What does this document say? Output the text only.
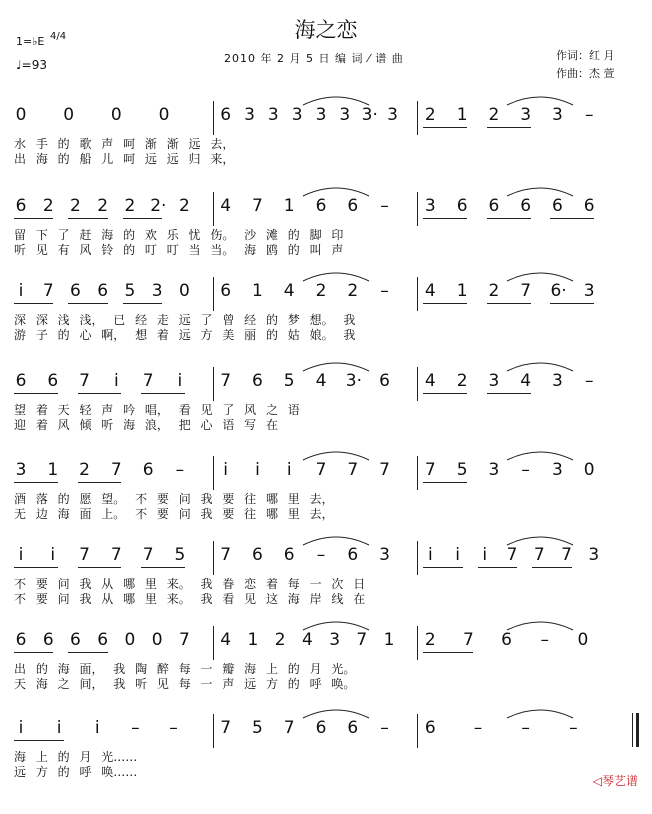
海之恋
1=♭E 4/4
♩=93	2010 年 2 月 5 日 编 词 ⁄ 谱 曲	作词：红 月
作曲：杰 萱
0 0 0 0	6 3 3 3 3 3 3· 3 2 1 2 3 3 –
水 手 的 歌 声 呵 渐 渐 远 去，
出 海 的 船 儿 呵 远 远 归 来，
6 2 2 2 2 2· 2 4 7 1 6 6 – 3 6 6 6 6 6
留 下 了 赶 海 的 欢 乐 忧 伤。 沙 滩 的 脚 印
听 见 有 风 铃 的 叮 叮 当 当。 海 鸥 的 叫 声
i 7 6 6 5 3 0 6 1 4 2 2 – 4 1 2 7 6· 3
深 深 浅 浅， 已 经 走 远 了 曾 经 的 梦 想。 我
游 子 的 心 啊， 想 着 远 方 美 丽 的 姑 娘。 我
6 6 7 i 7 i 7 6 5 4 3· 6 4 2 3 4 3 –
望 着 天 轻 声 吟 唱， 看 见 了 风 之 语
迎 着 风 倾 听 海 浪， 把 心 语 写 在
3 1 2 7 6 – i i i 7 7 7 7 5 3 – 3 0
酒 落 的 愿 望。 不 要 问 我 要 往 哪 里 去，
无 边 海 面 上。 不 要 问 我 要 往 哪 里 去，
i i 7 7 7 5 7 6 6 – 6 3 i i i 7 7 7 3
不 要 问 我 从 哪 里 来。 我 眷 恋 着 每 一 次 日
不 要 问 我 从 哪 里 来。 我 看 见 这 海 岸 线 在
6 6 6 6 0 0 7 4 1 2 4 3 7 1 2 7 6 – 0
出 的 海 面， 我 陶 醉 每 一 瓣 海 上 的 月 光。
天 海 之 间， 我 听 见 每 一 声 远 方 的 呼 唤。
i i i – – 7 5 7 6 6 – 6 – – –
海 上 的 月 光……
远 方 的 呼 唤……
◁琴艺谱
